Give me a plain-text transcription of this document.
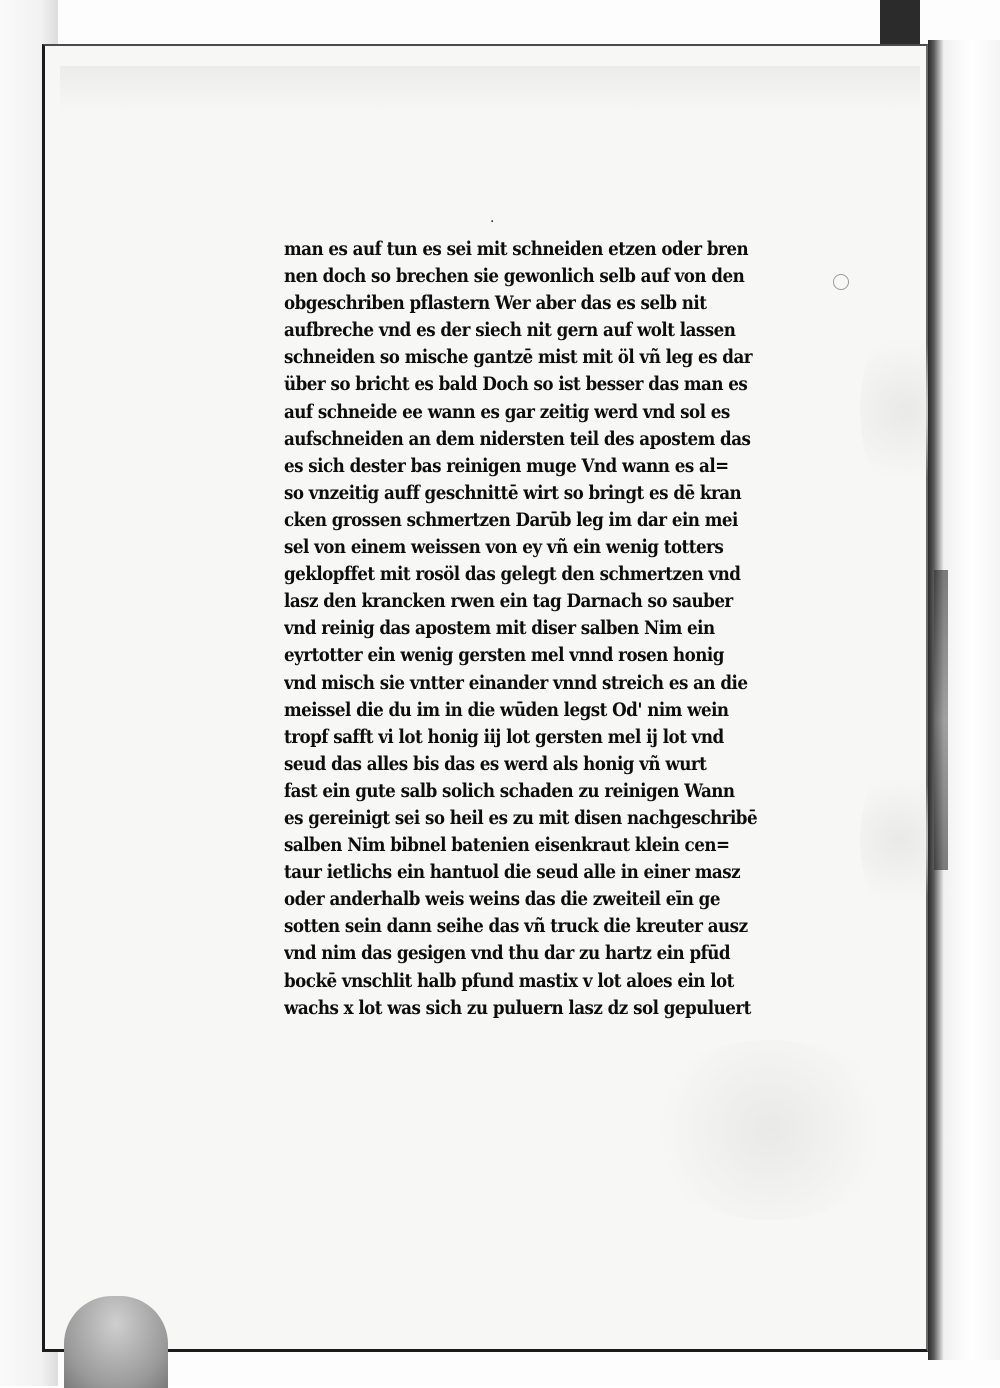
·
man es auf tun es sei mit schneiden etzen oder bren
nen doch so brechen sie gewonlich selb auf von den
obgeschriben pflastern Wer aber das es selb nit
aufbreche vnd es der siech nit gern auf wolt lassen
schneiden so mische gantzē mist mit öl vñ leg es dar
über so bricht es bald Doch so ist besser das man es
auf schneide ee wann es gar zeitig werd vnd sol es
aufschneiden an dem nidersten teil des apostem das
es sich dester bas reinigen muge Vnd wann es al=
so vnzeitig auff geschnittē wirt so bringt es dē kran
cken grossen schmertzen Darūb leg im dar ein mei
sel von einem weissen von ey vñ ein wenig totters
geklopffet mit rosöl das gelegt den schmertzen vnd
lasz den krancken rwen ein tag Darnach so sauber
vnd reinig das apostem mit diser salben Nim ein
eyrtotter ein wenig gersten mel vnnd rosen honig
vnd misch sie vntter einander vnnd streich es an die
meissel die du im in die wūden legst Od' nim wein
tropf safft vi lot honig iij lot gersten mel ij lot vnd
seud das alles bis das es werd als honig vñ wurt
fast ein gute salb solich schaden zu reinigen Wann
es gereinigt sei so heil es zu mit disen nachgeschribē
salben Nim bibnel batenien eisenkraut klein cen=
taur ietlichs ein hantuol die seud alle in einer masz
oder anderhalb weis weins das die zweiteil eīn ge
sotten sein dann seihe das vñ truck die kreuter ausz
vnd nim das gesigen vnd thu dar zu hartz ein pfūd
bockē vnschlit halb pfund mastix v lot aloes ein lot
wachs x lot was sich zu puluern lasz dz sol gepuluert
